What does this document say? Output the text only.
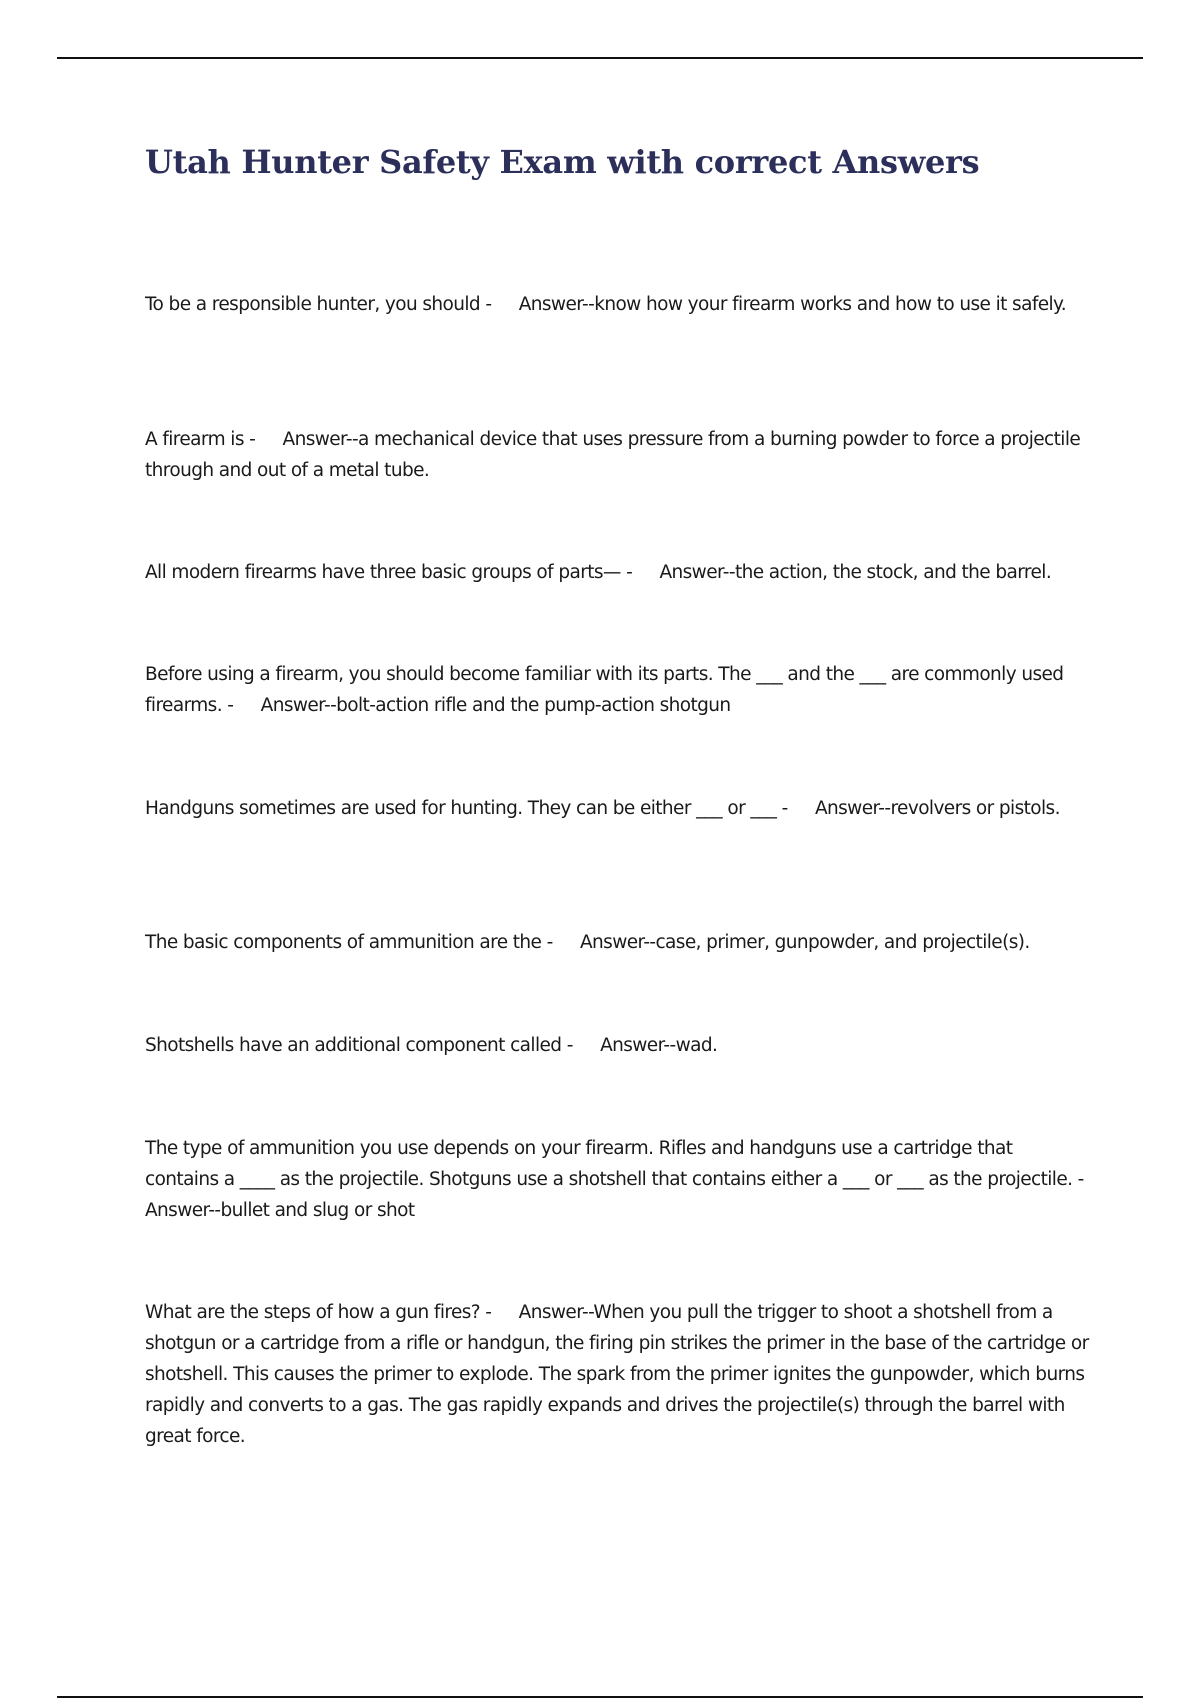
Utah Hunter Safety Exam with correct Answers

To be a responsible hunter, you should - Answer--know how your firearm works and how to use it safely.

A firearm is - Answer--a mechanical device that uses pressure from a burning powder to force a projectile through and out of a metal tube.

All modern firearms have three basic groups of parts— - Answer--the action, the stock, and the barrel.

Before using a firearm, you should become familiar with its parts. The ___ and the ___ are commonly used firearms. - Answer--bolt-action rifle and the pump-action shotgun

Handguns sometimes are used for hunting. They can be either ___ or ___ - Answer--revolvers or pistols.

The basic components of ammunition are the - Answer--case, primer, gunpowder, and projectile(s).

Shotshells have an additional component called - Answer--wad.

The type of ammunition you use depends on your firearm. Rifles and handguns use a cartridge that contains a ____ as the projectile. Shotguns use a shotshell that contains either a ___ or ___ as the projectile. - Answer--bullet and slug or shot

What are the steps of how a gun fires? - Answer--When you pull the trigger to shoot a shotshell from a shotgun or a cartridge from a rifle or handgun, the firing pin strikes the primer in the base of the cartridge or shotshell. This causes the primer to explode. The spark from the primer ignites the gunpowder, which burns rapidly and converts to a gas. The gas rapidly expands and drives the projectile(s) through the barrel with great force.
